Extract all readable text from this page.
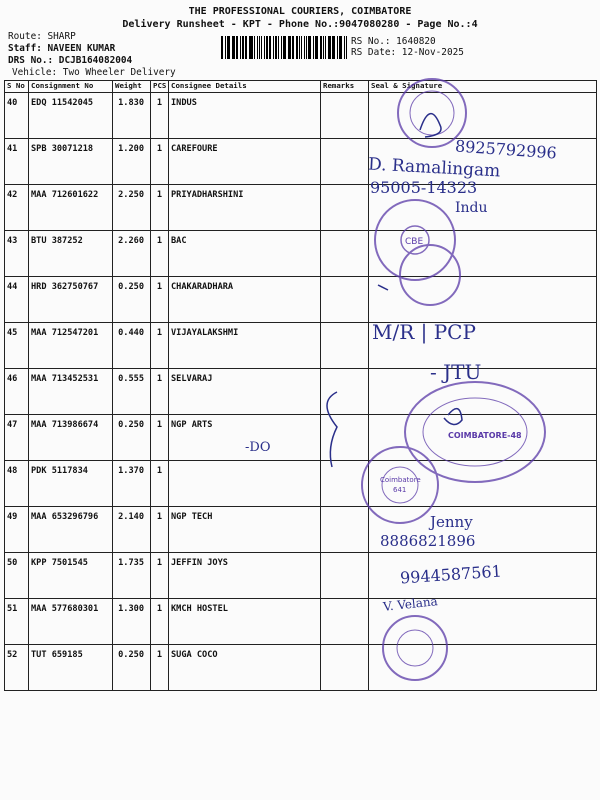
THE PROFESSIONAL COURIERS, COIMBATORE
Delivery Runsheet - KPT - Phone No.:9047080280 - Page No.:4
Route: SHARP
Staff: NAVEEN KUMAR
DRS No.: DCJB164082004
Vehicle: Two Wheeler Delivery
RS No.: 1640820
RS Date: 12-Nov-2025
S No	Consignment No	Weight	PCS	Consignee Details	Remarks	Seal & Signature
40	EDQ 11542045	1.830	1	INDUS		
41	SPB 30071218	1.200	1	CAREFOURE		
42	MAA 712601622	2.250	1	PRIYADHARSHINI		
43	BTU 387252	2.260	1	BAC		
44	HRD 362750767	0.250	1	CHAKARADHARA		
45	MAA 712547201	0.440	1	VIJAYALAKSHMI		
46	MAA 713452531	0.555	1	SELVARAJ		
47	MAA 713986674	0.250	1	NGP ARTS		
48	PDK 5117834	1.370	1			
49	MAA 653296796	2.140	1	NGP TECH		
50	KPP 7501545	1.735	1	JEFFIN JOYS		
51	MAA 577680301	1.300	1	KMCH HOSTEL		
52	TUT 659185	0.250	1	SUGA COCO		
CBE
COIMBATORE-48
Coimbatore
641
8925792996
D. Ramalingam
95005-14323
Indu
M/R | PCP
- JTU
-DO
Jenny
8886821896
9944587561
V. Velana
